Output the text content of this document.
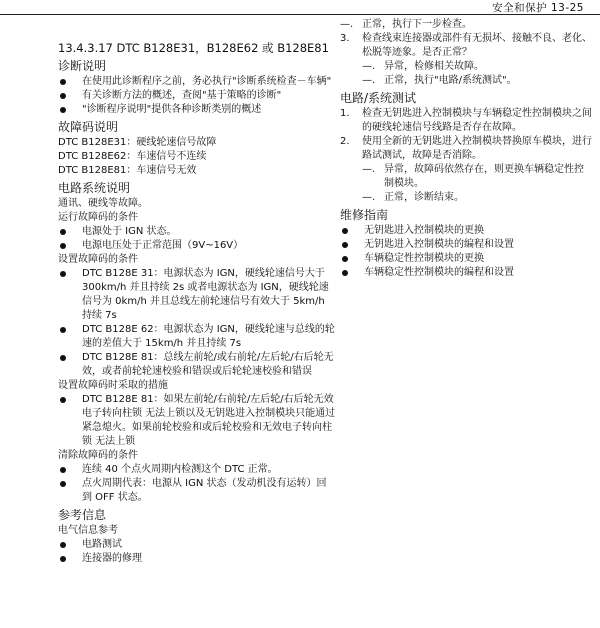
安全和保护 13-25
13.4.3.17 DTC B128E31，B128E62 或 B128E81
诊断说明
在使用此诊断程序之前，务必执行"诊断系统检查－车辆"
有关诊断方法的概述，查阅"基于策略的诊断"
"诊断程序说明"提供各种诊断类别的概述
故障码说明

DTC B128E31：硬线轮速信号故障

DTC B128E62：车速信号不连续

DTC B128E81：车速信号无效

电路系统说明

通讯、硬线等故障。

运行故障码的条件

电源处于 IGN 状态。
电源电压处于正常范围（9V~16V）

设置故障码的条件

DTC B128E 31：电源状态为 IGN，硬线轮速信号大于 300km/h 并且持续 2s 或者电源状态为 IGN，硬线轮速信号为 0km/h 并且总线左前轮速信号有效大于 5km/h 持续 7s
DTC B128E 62：电源状态为 IGN，硬线轮速与总线的轮速的差值大于 15km/h 并且持续 7s
DTC B128E 81：总线左前轮/或右前轮/左后轮/右后轮无效，或者前轮轮速校验和错误或后轮轮速校验和错误

设置故障码时采取的措施

DTC B128E 81：如果左前轮/右前轮/左后轮/右后轮无效电子转向柱锁 无法上锁以及无钥匙进入控制模块只能通过紧急熄火。如果前轮校验和或后轮校验和无效电子转向柱锁 无法上锁

清除故障码的条件

连续 40 个点火周期内检测这个 DTC 正常。
点火周期代表：电源从 IGN 状态（发动机没有运转）回到 OFF 状态。
参考信息

电气信息参考

电路测试
连接器的修理
—. 正常，执行下一步检查。
3. 检查线束连接器或部件有无损坏、接触不良、老化、松脱等迹象。是否正常？
—. 异常，检修相关故障。
—. 正常，执行"电路/系统测试"。
电路/系统测试
1. 检查无钥匙进入控制模块与车辆稳定性控制模块之间的硬线轮速信号线路是否存在故障。
2. 使用全新的无钥匙进入控制模块替换原车模块，进行路试测试，故障是否消除。
—. 异常，故障码依然存在，则更换车辆稳定性控制模块。
—. 正常，诊断结束。
维修指南
无钥匙进入控制模块的更换
无钥匙进入控制模块的编程和设置
车辆稳定性控制模块的更换
车辆稳定性控制模块的编程和设置
